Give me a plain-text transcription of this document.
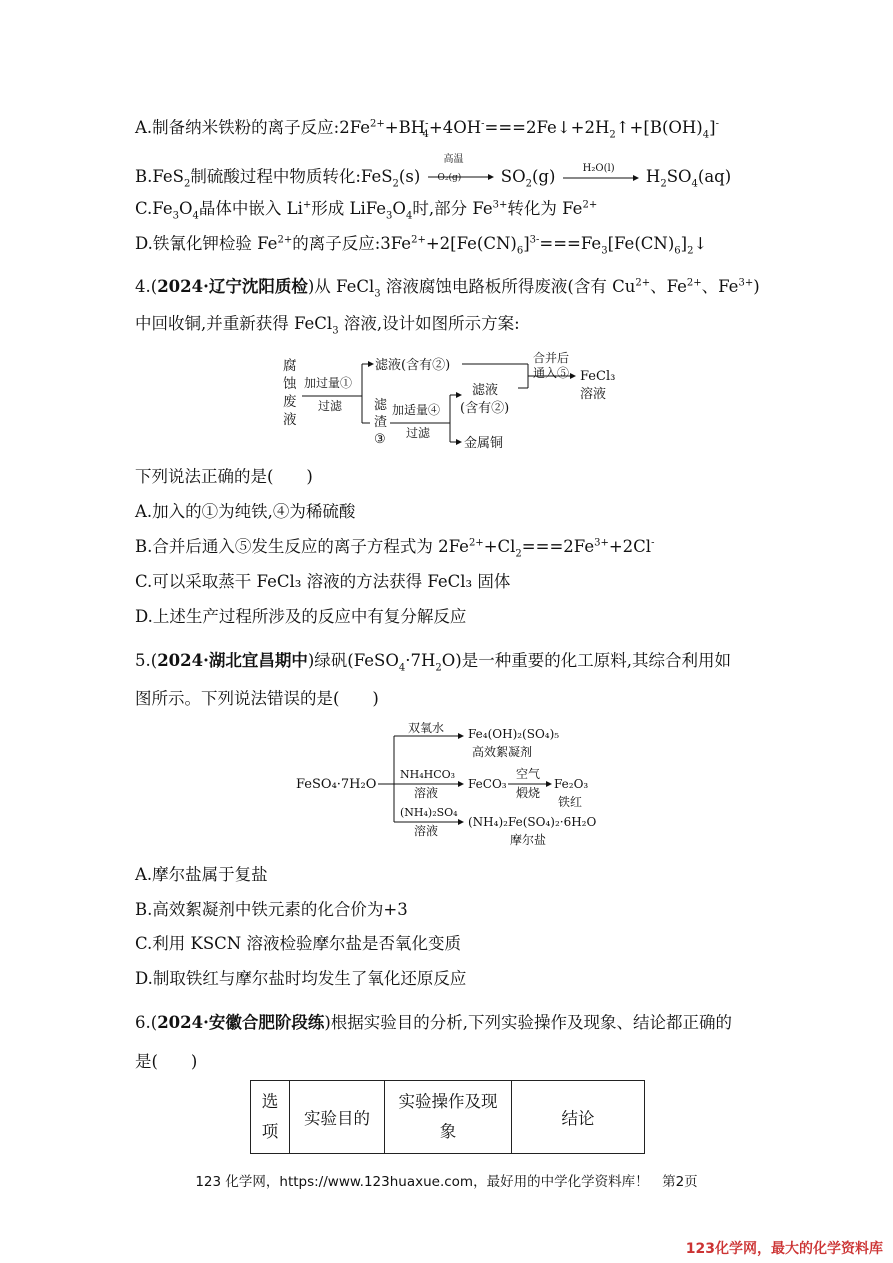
A.制备纳米铁粉的离子反应$:2Fe^{2+}+BH^-_4+4OH^-===2Fe↓+2H_2↑+[B(OH)_4]^-$
B.FeS$_2$制硫酸过程中物质转化:FeS$_2$(s)
高温
O₂(g) $SO_2(g)$	H₂O(l) $H_2SO_4(aq)$
$C.Fe_3O_4$晶体中嵌入 Li+形成 $LiFe_3O_4$时,部分 $Fe^{3+}$转化为 $Fe^{2+}$
D.铁氰化钾检验 $Fe^{2+}$的离子反应$:3Fe^{2+}+2[Fe(CN)_6]^{3-}===Fe_3[Fe(CN)_6]_2↓$
4.(2024·辽宁沈阳质检)从 FeCl$_3$ 溶液腐蚀电路板所得废液(含有 $Cu^{2+}$、$Fe^{2+}$、$Fe^{3+}$)
中回收铜,并重新获得 FeCl$_3$ 溶液,设计如图所示方案:
腐
蚀
废
液
加过量①
过滤
滤液(含有②)
滤
渣
③
加适量④
过滤
滤液
(含有②)
金属铜
合并后
通入⑤ FeCl₃
溶液
下列说法正确的是(　　)
A.加入的①为纯铁,④为稀硫酸
B.合并后通入⑤发生反应的离子方程式为 $2Fe^{2+}+Cl_2===2Fe^{3+}+2Cl^-$
C.可以采取蒸干 FeCl₃ 溶液的方法获得 FeCl₃ 固体
D.上述生产过程所涉及的反应中有复分解反应
5.(2024·湖北宜昌期中)绿矾$(FeSO_4\cdot 7H_2O)$是一种重要的化工原料,其综合利用如
图所示。下列说法错误的是(　　)
FeSO₄·7H₂O
双氧水 Fe₄(OH)₂(SO₄)₅
高效絮凝剂
NH₄HCO₃
溶液
FeCO₃
空气
煅烧
Fe₂O₃
铁红
(NH₄)₂SO₄
溶液
(NH₄)₂Fe(SO₄)₂·6H₂O
摩尔盐
A.摩尔盐属于复盐
B.高效絮凝剂中铁元素的化合价为+3
C.利用 KSCN 溶液检验摩尔盐是否氧化变质
D.制取铁红与摩尔盐时均发生了氧化还原反应
6.(2024·安徽合肥阶段练)根据实验目的分析,下列实验操作及现象、结论都正确的
是(　　)
选项	实验目的	实验操作及现象	结论
123 化学网，https://www.123huaxue.com，最好用的中学化学资料库！　第2页
123化学网，最大的化学资料库
